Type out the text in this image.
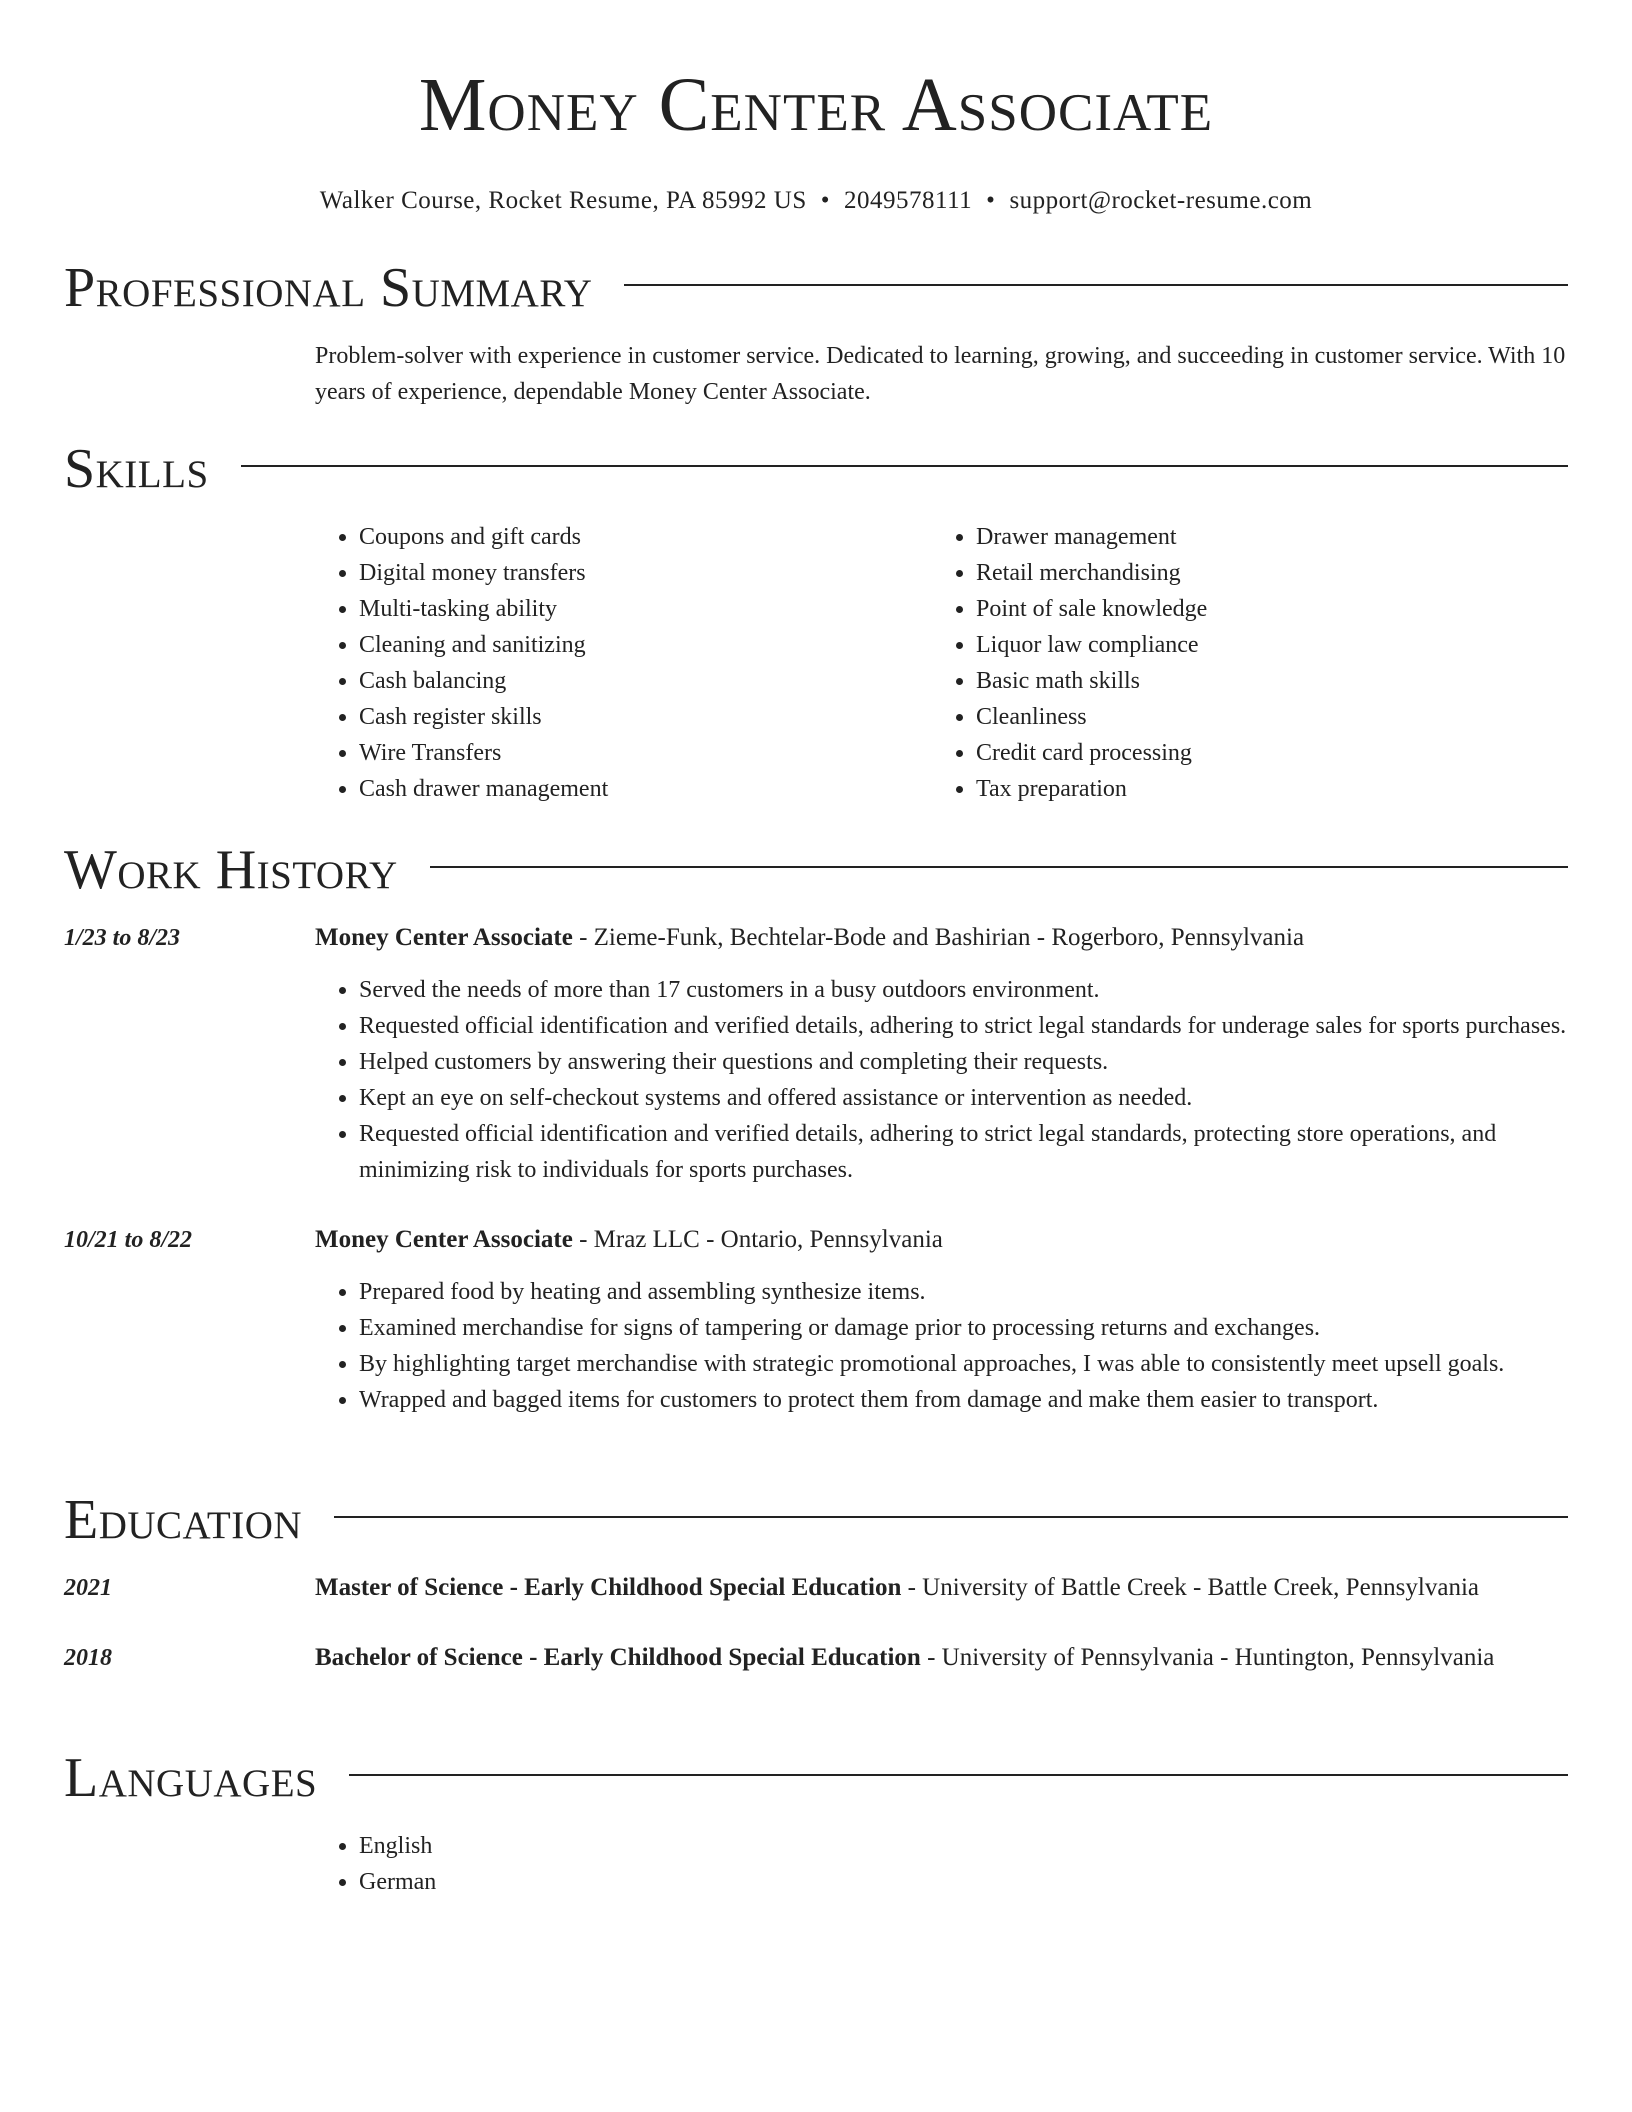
Money Center Associate
Walker Course, Rocket Resume, PA 85992 US • 2049578111 • support@rocket-resume.com
Professional Summary
Problem-solver with experience in customer service. Dedicated to learning, growing, and succeeding in customer service. With 10 years of experience, dependable Money Center Associate.
Skills
• Coupons and gift cards
• Digital money transfers
• Multi-tasking ability
• Cleaning and sanitizing
• Cash balancing
• Cash register skills
• Wire Transfers
• Cash drawer management
• Drawer management
• Retail merchandising
• Point of sale knowledge
• Liquor law compliance
• Basic math skills
• Cleanliness
• Credit card processing
• Tax preparation
Work History
1/23 to 8/23	Money Center Associate - Zieme-Funk, Bechtelar-Bode and Bashirian - Rogerboro, Pennsylvania
• Served the needs of more than 17 customers in a busy outdoors environment.
• Requested official identification and verified details, adhering to strict legal standards for underage sales for sports purchases.
• Helped customers by answering their questions and completing their requests.
• Kept an eye on self-checkout systems and offered assistance or intervention as needed.
• Requested official identification and verified details, adhering to strict legal standards, protecting store operations, and minimizing risk to individuals for sports purchases.
10/21 to 8/22	Money Center Associate - Mraz LLC - Ontario, Pennsylvania
• Prepared food by heating and assembling synthesize items.
• Examined merchandise for signs of tampering or damage prior to processing returns and exchanges.
• By highlighting target merchandise with strategic promotional approaches, I was able to consistently meet upsell goals.
• Wrapped and bagged items for customers to protect them from damage and make them easier to transport.
Education
2021	Master of Science - Early Childhood Special Education - University of Battle Creek - Battle Creek, Pennsylvania
2018	Bachelor of Science - Early Childhood Special Education - University of Pennsylvania - Huntington, Pennsylvania
Languages
• English
• German
